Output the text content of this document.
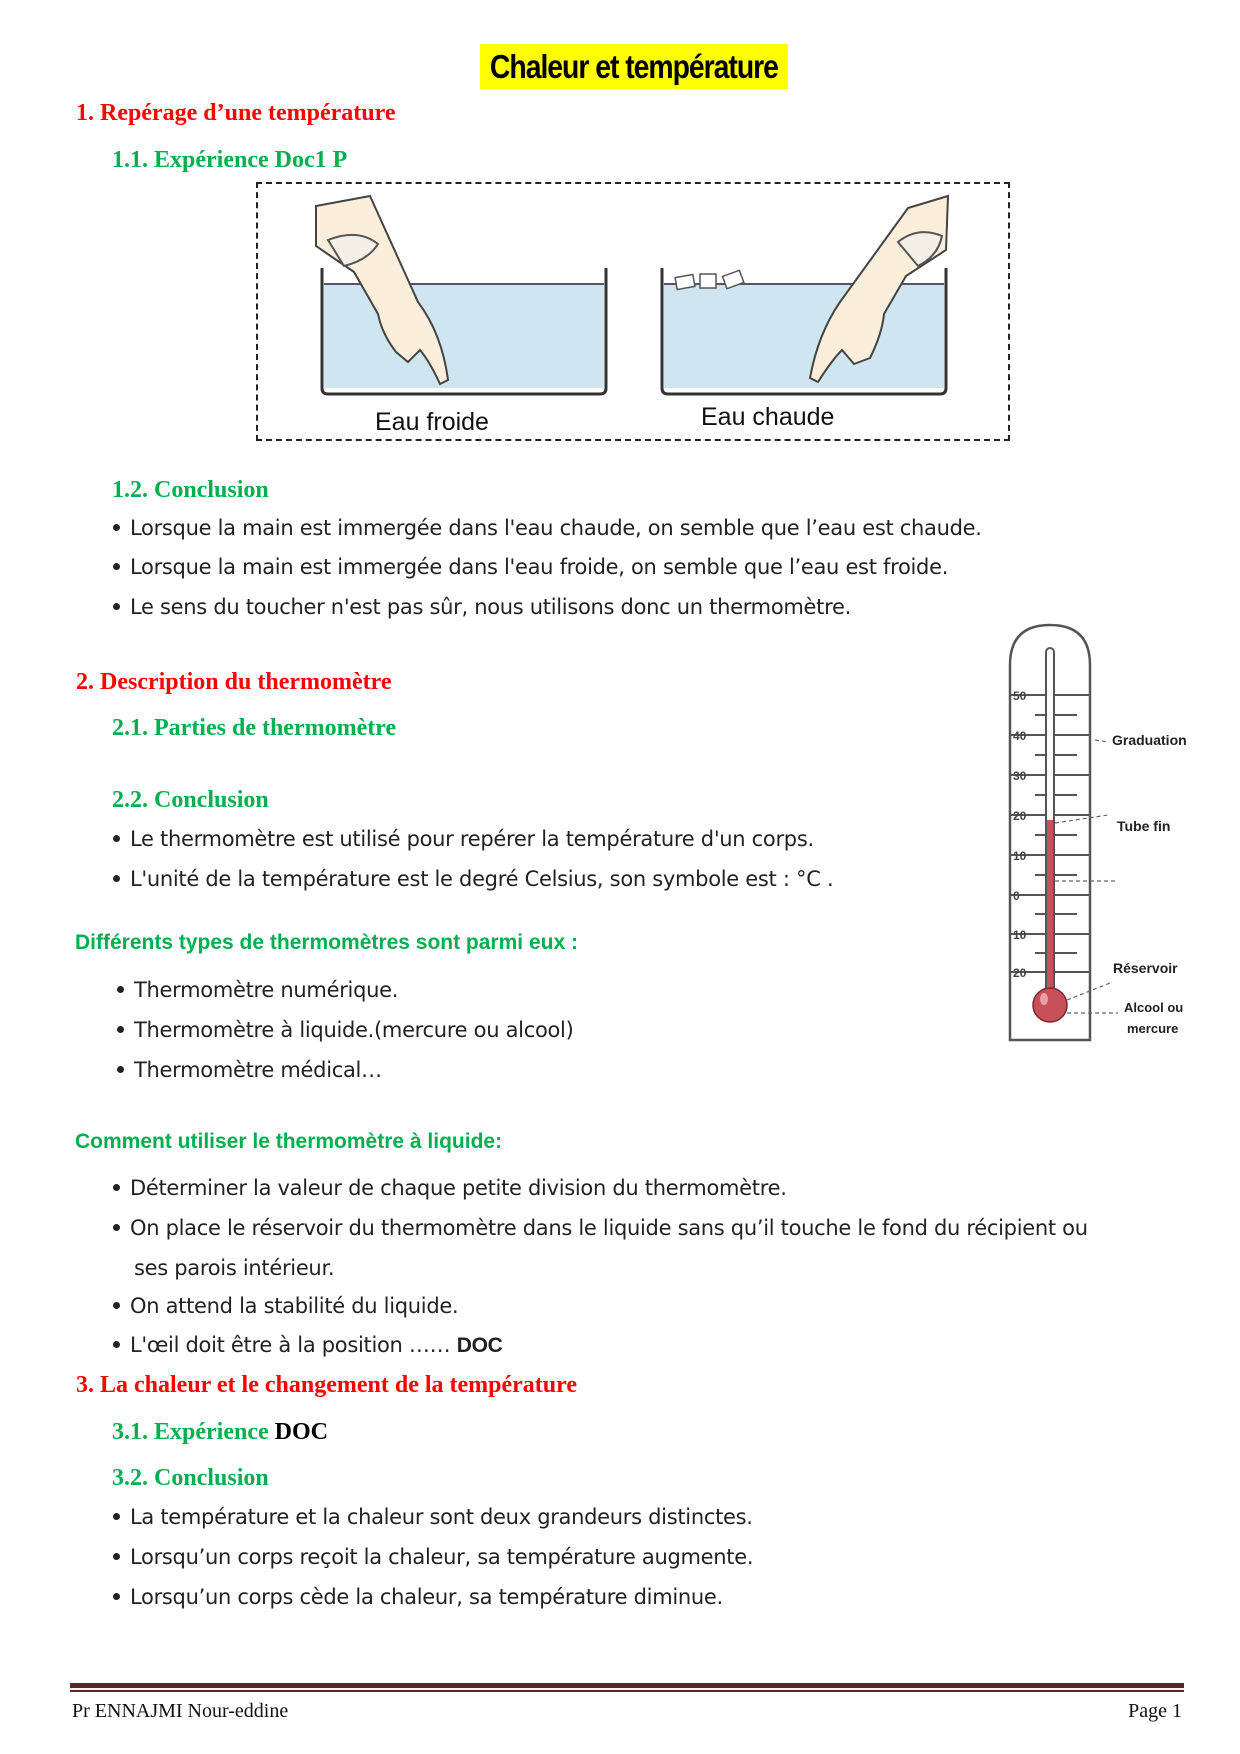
Chaleur et température
1. Repérage d’une température
1.1. Expérience Doc1 P
Eau froide	Eau chaude
1.2. Conclusion
Lorsque la main est immergée dans l'eau chaude, on semble que l’eau est chaude.
Lorsque la main est immergée dans l'eau froide, on semble que l’eau est froide.
Le sens du toucher n'est pas sûr, nous utilisons donc un thermomètre.
2. Description du thermomètre
2.1. Parties de thermomètre
2.2. Conclusion
Le thermomètre est utilisé pour repérer la température d'un corps.
L'unité de la température est le degré Celsius, son symbole est : °C .
Différents types de thermomètres sont parmi eux :
Thermomètre numérique.
Thermomètre à liquide.(mercure ou alcool)
Thermomètre médical…
Comment utiliser le thermomètre à liquide:
Déterminer la valeur de chaque petite division du thermomètre.
On place le réservoir du thermomètre dans le liquide sans qu’il touche le fond du récipient ou
ses parois intérieur.
On attend la stabilité du liquide.
L'œil doit être à la position …… DOC
50
40
30
20
10
0
10
20
Graduation
Tube fin
Réservoir
Alcool ou
mercure
3. La chaleur et le changement de la température
3.1. Expérience DOC
3.2. Conclusion
La température et la chaleur sont deux grandeurs distinctes.
Lorsqu’un corps reçoit la chaleur, sa température augmente.
Lorsqu’un corps cède la chaleur, sa température diminue.
Pr ENNAJMI Nour-eddine	Page 1
